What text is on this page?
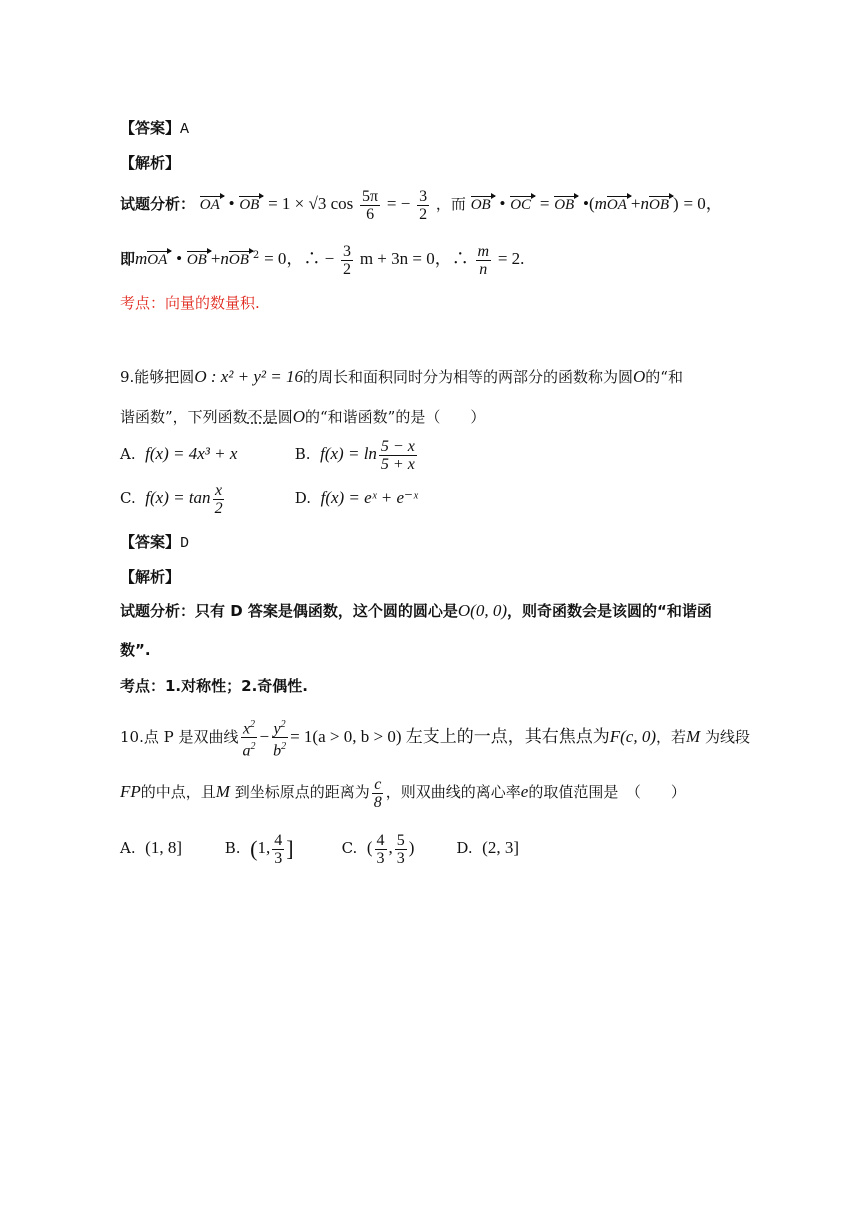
【答案】A
【解析】
试题分析： OA • OB = 1 × √3 $\cos \frac{5\pi}{6}$ = − $\frac{3}{2}$ ，而 OB • OC = OB •(mOA +nOB ) = 0，
即mOA • OB +nOB $^2$ = 0，∴ − $\frac{3}{2}$ m + 3n = 0，∴ $\frac{m}{n} = 2$.
考点：向量的数量积.
9.能够把圆O : x² + y² = 16的周长和面积同时分为相等的两部分的函数称为圆O的“和
谐函数”，下列函数不是圆O的“和谐函数”的是（　　）
A. f(x) = 4x³ + x	B. $f(x) = \ln \frac{5 - x}{5 + x}$
C. $f(x) = \tan \frac{x}{2}$	D. f(x) = eˣ + e⁻ˣ
【答案】D
【解析】
试题分析：只有 D 答案是偶函数，这个圆的圆心是O(0, 0)，则奇函数会是该圆的“和谐函
数”.
考点：1.对称性；2.奇偶性.
10.点 P 是双曲线 $\frac{x^2}{a^2} - \frac{y^2}{b^2} = 1(a > 0$, b > 0) 左支上的一点，其右焦点为F(c, 0)，若M 为线段
FP的中点，且M 到坐标原点的距离为 $\frac{c}{8}$ ，则双曲线的离心率e的取值范围是　（　　）
A. (1, 8]	B. (1, $\frac{4}{3}$ ]	C. ( $\frac{4}{3}$ , $\frac{5}{3}$ )	D. (2, 3]
